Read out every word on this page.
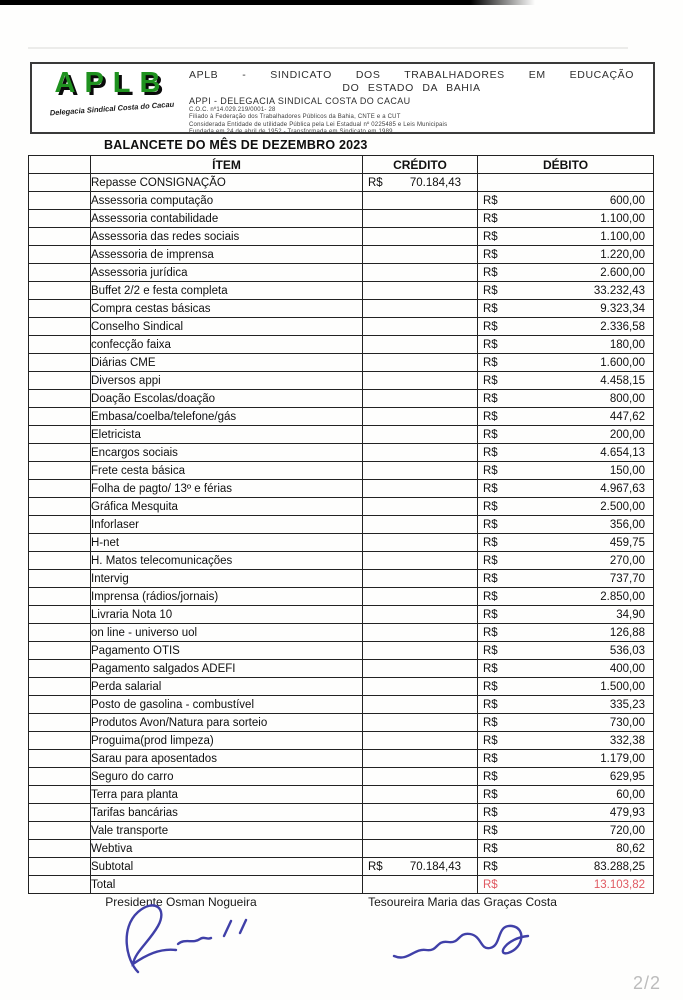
APLB
Delegacia Sindical Costa do Cacau
APLB - SINDICATO DOS TRABALHADORES EM EDUCAÇÃO
DO ESTADO DA BAHIA
APPI - DELEGACIA SINDICAL COSTA DO CACAU
C.O.C. nº14.029.219/0001- 28
Filiado à Federação dos Trabalhadores Públicos da Bahia, CNTE e a CUT
Considerada Entidade de utilidade Pública pela Lei Estadual nº 0225485 e Leis Municipais
Fundada em 24 de abril de 1952 - Transformada em Sindicato em 1989
BALANCETE DO MÊS DE DEZEMBRO 2023
	ÍTEM	CRÉDITO	DÉBITO
	Repasse CONSIGNAÇÃO	R$ 70.184,43	

	Assessoria computação		R$ 600,00

	Assessoria contabilidade		R$ 1.100,00

	Assessoria das redes sociais		R$ 1.100,00

	Assessoria de imprensa		R$ 1.220,00

	Assessoria jurídica		R$ 2.600,00

	Buffet 2/2 e festa completa		R$ 33.232,43

	Compra cestas básicas		R$ 9.323,34

	Conselho Sindical		R$ 2.336,58

	confecção faixa		R$ 180,00

	Diárias CME		R$ 1.600,00

	Diversos appi		R$ 4.458,15

	Doação Escolas/doação		R$ 800,00

	Embasa/coelba/telefone/gás		R$ 447,62

	Eletricista		R$ 200,00

	Encargos sociais		R$ 4.654,13

	Frete cesta básica		R$ 150,00

	Folha de pagto/ 13º e férias		R$ 4.967,63

	Gráfica Mesquita		R$ 2.500,00

	Inforlaser		R$ 356,00

	H-net		R$ 459,75

	H. Matos telecomunicações		R$ 270,00

	Intervig		R$ 737,70

	Imprensa (rádios/jornais)		R$ 2.850,00

	Livraria Nota 10		R$ 34,90

	on line - universo uol		R$ 126,88

	Pagamento OTIS		R$ 536,03

	Pagamento salgados ADEFI		R$ 400,00

	Perda salarial		R$ 1.500,00

	Posto de gasolina - combustível		R$ 335,23

	Produtos Avon/Natura para sorteio		R$ 730,00

	Proguima(prod limpeza)		R$ 332,38

	Sarau para aposentados		R$ 1.179,00

	Seguro do carro		R$ 629,95

	Terra para planta		R$ 60,00

	Tarifas bancárias		R$ 479,93

	Vale transporte		R$ 720,00

	Webtiva		R$ 80,62

	Subtotal	R$ 70.184,43	R$ 83.288,25

	Total		R$ 13.103,82
Presidente Osman Nogueira	Tesoureira Maria das Graças Costa
2/2
